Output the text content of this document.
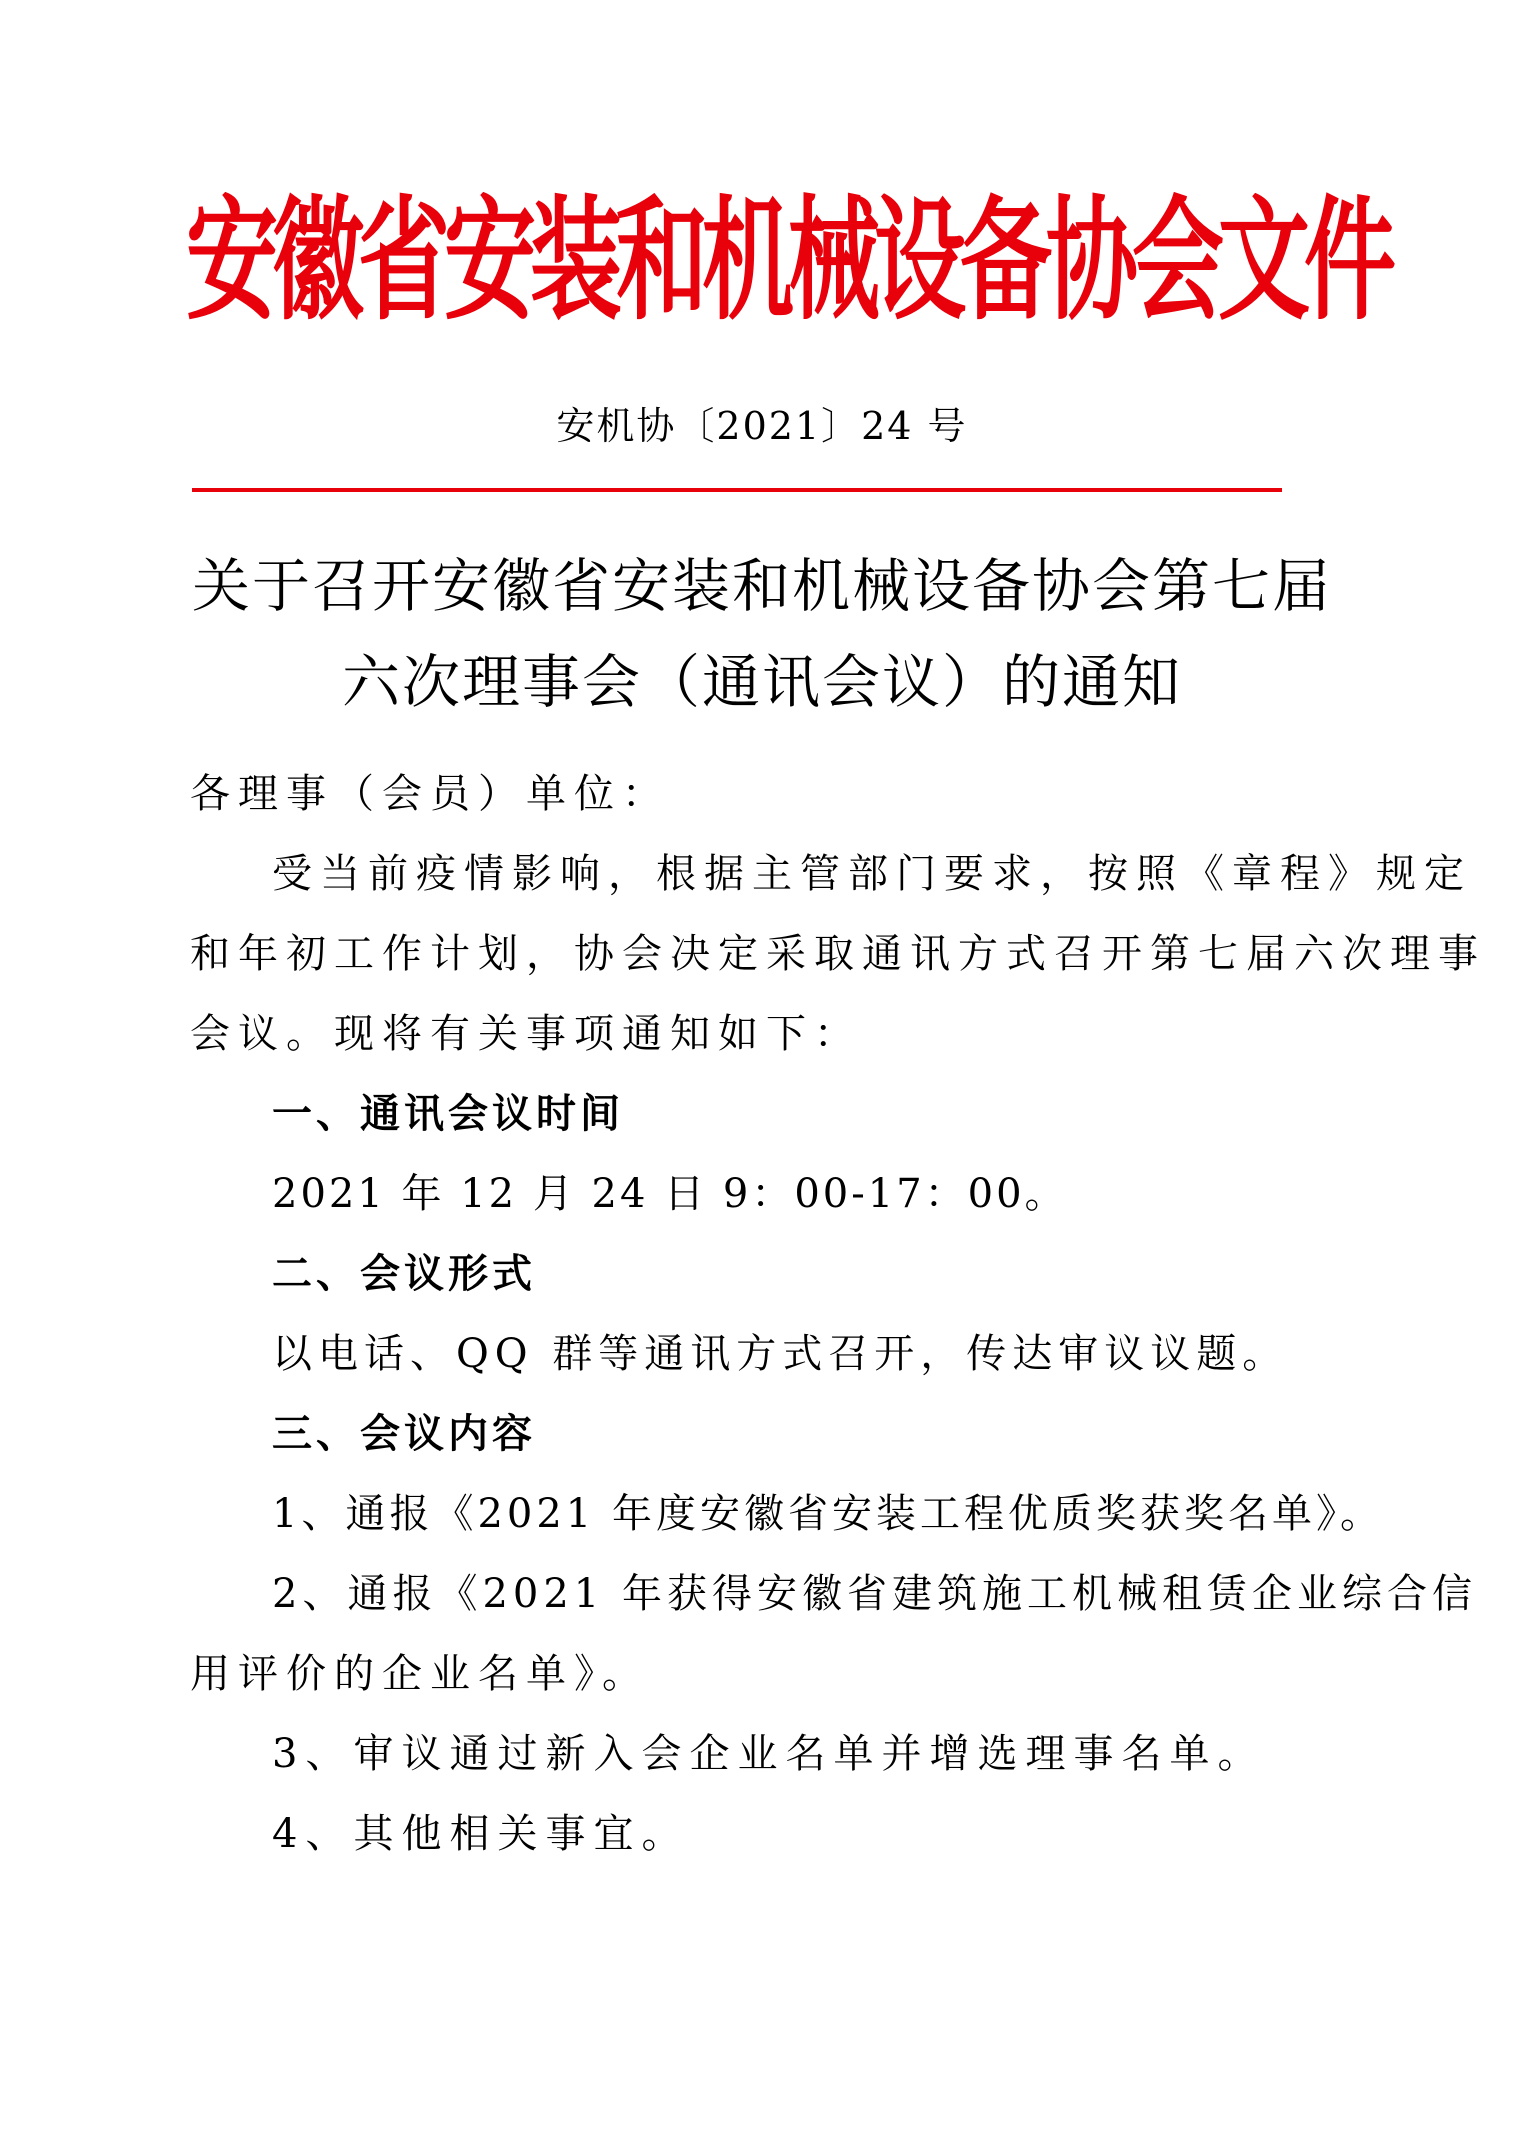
安徽省安装和机械设备协会文件
安机协〔2021〕24 号
关于召开安徽省安装和机械设备协会第七届
六次理事会（通讯会议）的通知
各理事（会员）单位：
受当前疫情影响，根据主管部门要求，按照《章程》规定
和年初工作计划，协会决定采取通讯方式召开第七届六次理事
会议。现将有关事项通知如下：
一、通讯会议时间
2021 年 12 月 24 日 9：00-17：00。
二、会议形式
以电话、QQ 群等通讯方式召开，传达审议议题。
三、会议内容
1、通报《2021 年度安徽省安装工程优质奖获奖名单》。
2、通报《2021 年获得安徽省建筑施工机械租赁企业综合信
用评价的企业名单》。
3、审议通过新入会企业名单并增选理事名单。
4、其他相关事宜。
